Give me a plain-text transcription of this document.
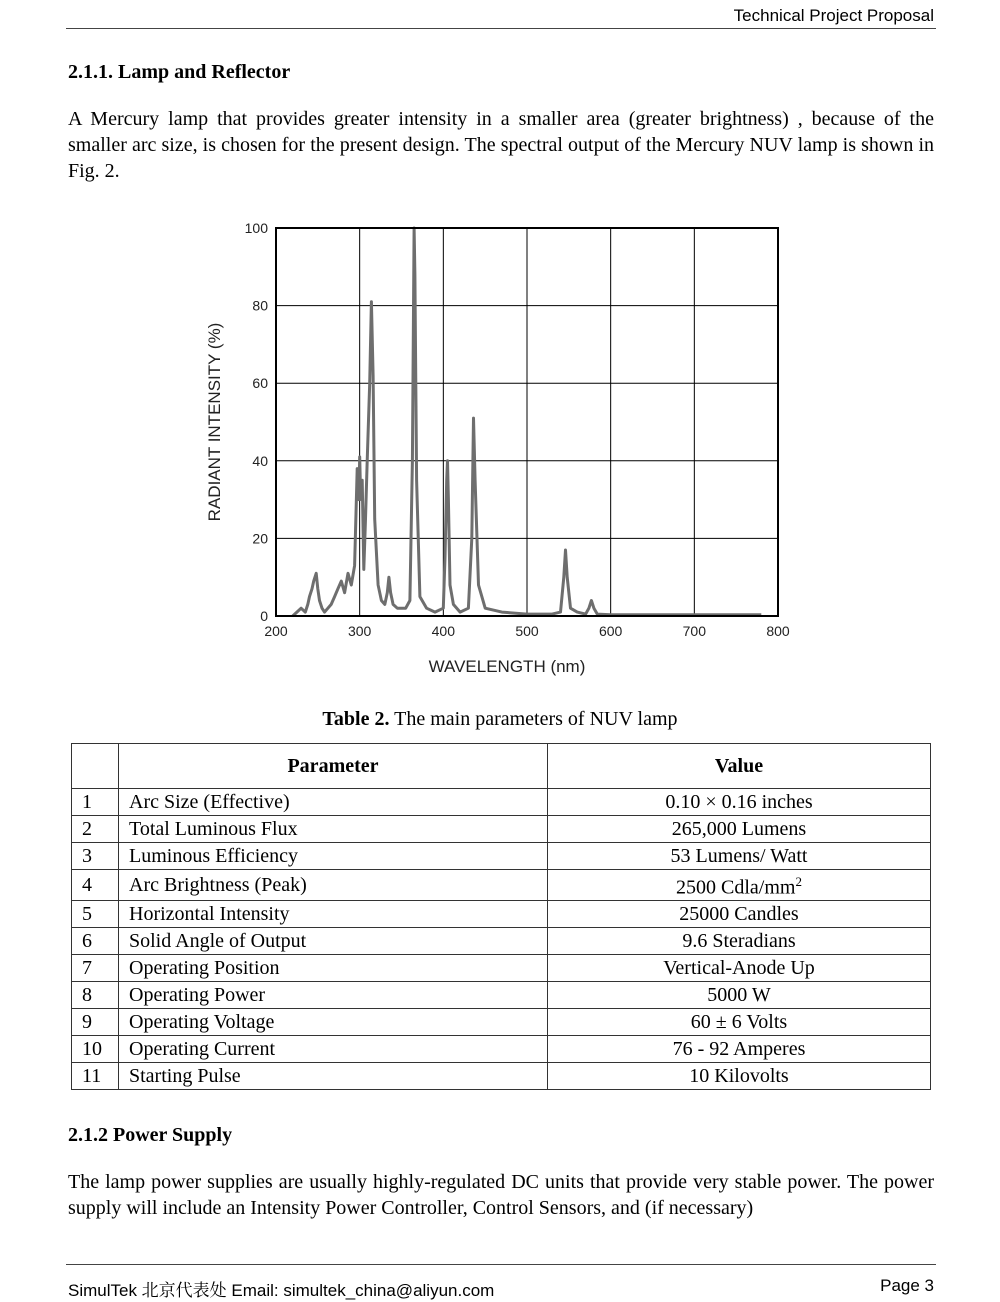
Technical Project Proposal
2.1.1. Lamp and Reflector
A Mercury lamp that provides greater intensity in a smaller area (greater brightness) , because of the smaller arc size, is chosen for the present design. The spectral output of the Mercury NUV lamp is shown in Fig. 2.
200	300	400	500	600	700	800
0
20
40
60
80
100
WAVELENGTH (nm)
RADIANT INTENSITY (%)
Table 2. The main parameters of NUV lamp
	Parameter	Value
1	Arc Size (Effective)	0.10 × 0.16 inches
2	Total Luminous Flux	265,000 Lumens
3	Luminous Efficiency	53 Lumens/ Watt
4	Arc Brightness (Peak)	2500 Cdla/$mm^2$
5	Horizontal Intensity	25000 Candles
6	Solid Angle of Output	9.6 Steradians
7	Operating Position	Vertical-Anode Up
8	Operating Power	5000 W
9	Operating Voltage	60 ± 6 Volts
10	Operating Current	76 - 92 Amperes
11	Starting Pulse	10 Kilovolts
2.1.2 Power Supply
The lamp power supplies are usually highly-regulated DC units that provide very stable power. The power supply will include an Intensity Power Controller, Control Sensors, and (if necessary)
SimulTek 北京代表处 Email: simultek_china@aliyun.com	Page 3
